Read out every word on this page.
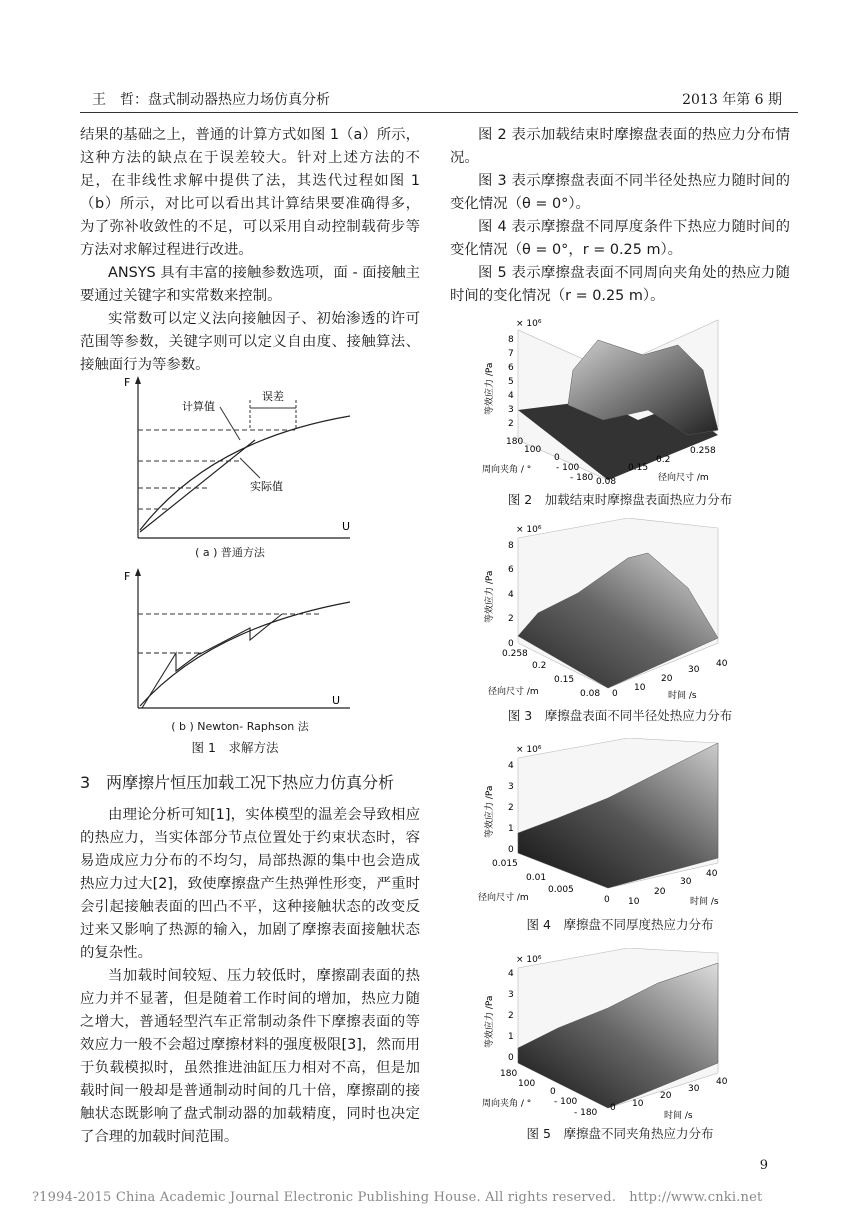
王　哲：盘式制动器热应力场仿真分析	2013 年第 6 期

结果的基础之上，普通的计算方式如图 1（a）所示，这种方法的缺点在于误差较大。针对上述方法的不足，在非线性求解中提供了法，其迭代过程如图 1（b）所示，对比可以看出其计算结果要准确得多，为了弥补收敛性的不足，可以采用自动控制载荷步等方法对求解过程进行改进。

ANSYS 具有丰富的接触参数选项，面 - 面接触主要通过关键字和实常数来控制。

实常数可以定义法向接触因子、初始渗透的许可范围等参数，关键字则可以定义自由度、接触算法、接触面行为等参数。

图 2 表示加载结束时摩擦盘表面的热应力分布情况。

图 3 表示摩擦盘表面不同半径处热应力随时间的变化情况（θ = 0°）。

图 4 表示摩擦盘不同厚度条件下热应力随时间的变化情况（θ = 0°，r = 0.25 m）。

图 5 表示摩擦盘表面不同周向夹角处的热应力随时间的变化情况（r = 0.25 m）。

F
U
计算值
误差
实际值
( a ) 普通方法
F
U
( b ) Newton- Raphson 法
图 1　求解方法
3　两摩擦片恒压加载工况下热应力仿真分析

由理论分析可知[1]，实体模型的温差会导致相应的热应力，当实体部分节点位置处于约束状态时，容易造成应力分布的不均匀，局部热源的集中也会造成热应力过大[2]，致使摩擦盘产生热弹性形变，严重时会引起接触表面的凹凸不平，这种接触状态的改变反过来又影响了热源的输入，加剧了摩擦表面接触状态的复杂性。

当加载时间较短、压力较低时，摩擦副表面的热应力并不显著，但是随着工作时间的增加，热应力随之增大，普通轻型汽车正常制动条件下摩擦表面的等效应力一般不会超过摩擦材料的强度极限[3]，然而用于负载模拟时，虽然推进油缸压力相对不高，但是加载时间一般却是普通制动时间的几十倍，摩擦副的接触状态既影响了盘式制动器的加载精度，同时也决定了合理的加载时间范围。

× 10⁶
8
7
6
5
4
3
2
等效应力 /Pa
180
100
0
- 100
- 180
周向夹角 / °
0.08
0.15
0.2
0.258
径向尺寸 /m
图 2　加载结束时摩擦盘表面热应力分布
× 10⁶
8
6
4
2
0
等效应力 /Pa
0.258
0.2
0.15
0.08
径向尺寸 /m	0
10
20
30
40
时间 /s
图 3　摩擦盘表面不同半径处热应力分布
× 10⁶
4
3
2
1
0
等效应力 /Pa
0.015
0.01
0.005
0
径向尺寸 /m	10
20
30
40
时间 /s
图 4　摩擦盘不同厚度热应力分布
× 10⁶
4
3
2
1
0
等效应力 /Pa
180
100
0
- 100
- 180
周向夹角 / °	0 10
20
30
40
时间 /s
图 5　摩擦盘不同夹角热应力分布
9
?1994-2015 China Academic Journal Electronic Publishing House. All rights reserved.　http://www.cnki.net
